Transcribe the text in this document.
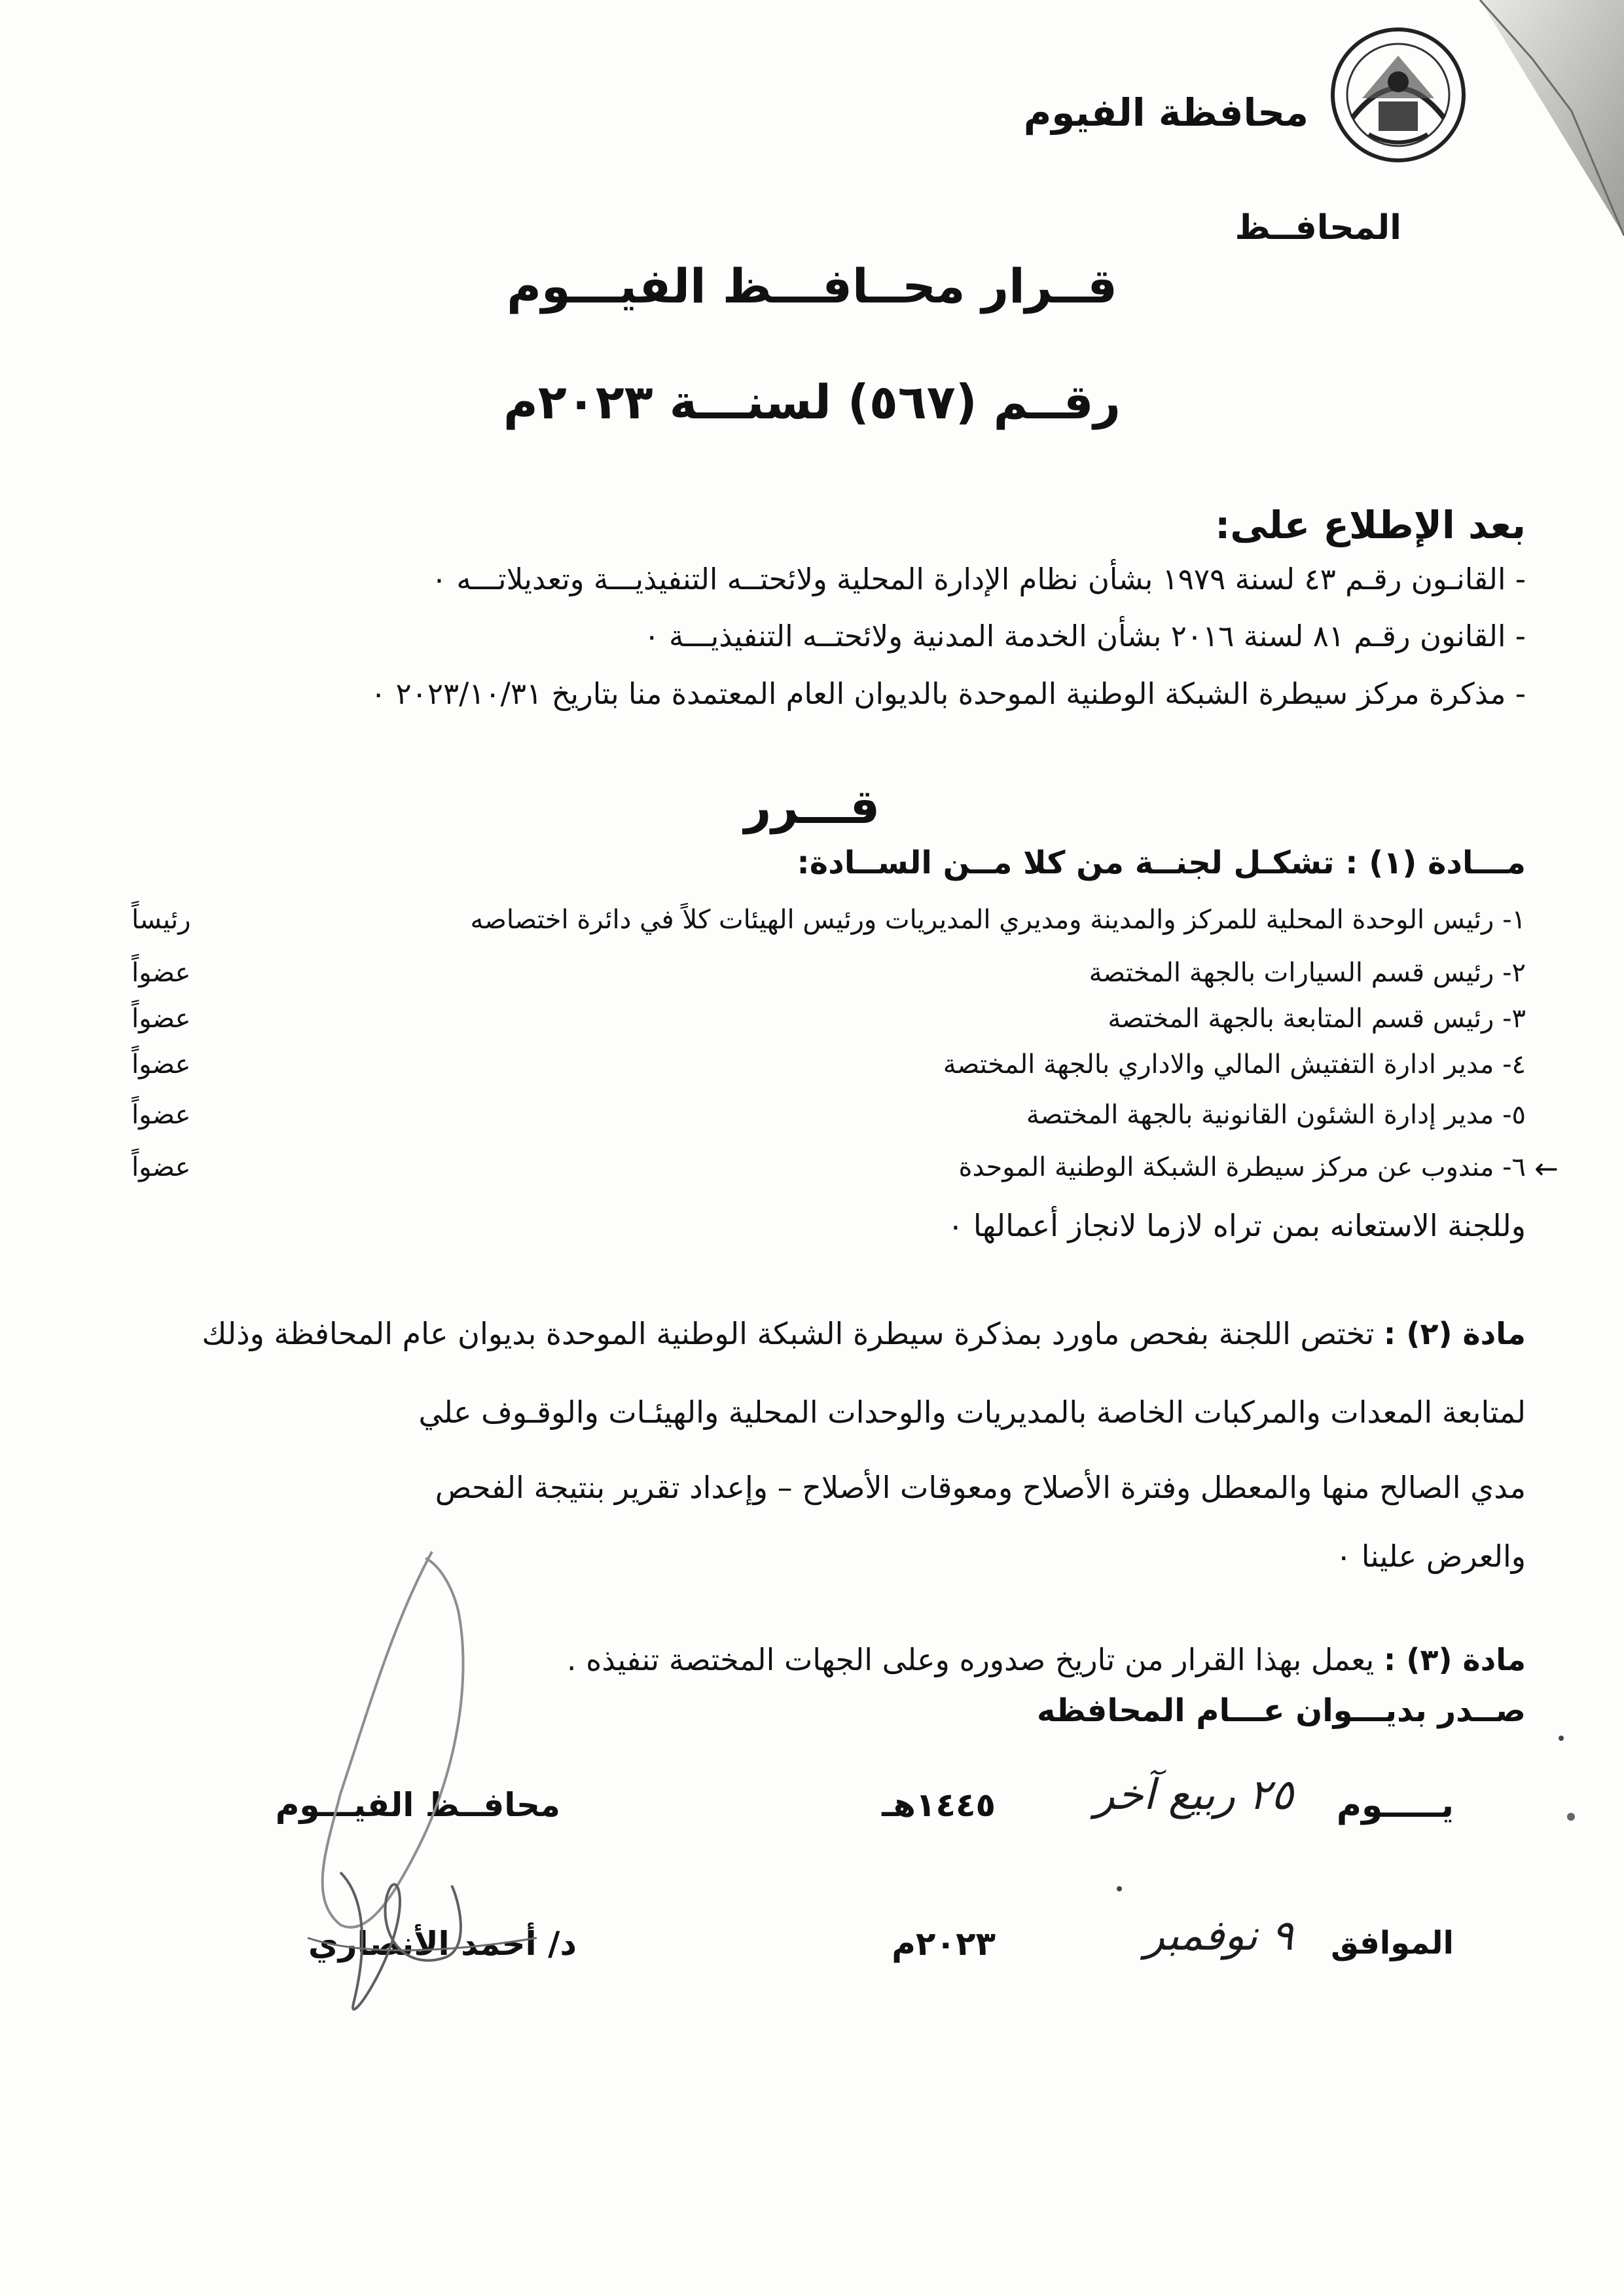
محافظة الفيوم
المحافــظ
قــرار محــافـــظ الفيـــوم
رقــم (٥٦٧) لسنـــة ٢٠٢٣م
بعد الإطلاع على:
- القانـون رقـم ٤٣ لسنة ١٩٧٩ بشأن نظام الإدارة المحلية ولائحتــه التنفيذيـــة وتعديلاتـــه ٠
- القانون رقـم ٨١ لسنة ٢٠١٦ بشأن الخدمة المدنية ولائحتــه التنفيذيـــة ٠
- مذكرة مركز سيطرة الشبكة الوطنية الموحدة بالديوان العام المعتمدة منا بتاريخ ٢٠٢٣/١٠/٣١ ٠
قـــرر
مـــادة (١) : تشكـل لجنــة من كلا مــن الســادة:
١- رئيس الوحدة المحلية للمركز والمدينة ومديري المديريات ورئيس الهيئات كلاً في دائرة اختصاصه
رئيساً
٢- رئيس قسم السيارات بالجهة المختصة
عضواً
٣- رئيس قسم المتابعة بالجهة المختصة
عضواً
٤- مدير ادارة التفتيش المالي والاداري بالجهة المختصة
عضواً
٥- مدير إدارة الشئون القانونية بالجهة المختصة
عضواً
٦- مندوب عن مركز سيطرة الشبكة الوطنية الموحدة
عضواً	←
وللجنة الاستعانه بمن تراه لازما لانجاز أعمالها ٠
مادة (٢) : تختص اللجنة بفحص ماورد بمذكرة سيطرة الشبكة الوطنية الموحدة بديوان عام المحافظة وذلك
لمتابعة المعدات والمركبات الخاصة بالمديريات والوحدات المحلية والهيئـات والوقـوف علي
مدي الصالح منها والمعطل وفترة الأصلاح ومعوقات الأصلاح – وإعداد تقرير بنتيجة الفحص
والعرض علينا ٠
مادة (٣) : يعمل بهذا القرار من تاريخ صدوره وعلى الجهات المختصة تنفيذه .
صــدر بديـــوان عـــام المحافظه
يـــــوم
٢٥ ربيع آخر
١٤٤٥هـ
الموافق
٩ نوفمبر
٢٠٢٣م
محافــظ الفيـــوم
د/ أحمد الأنصاري
